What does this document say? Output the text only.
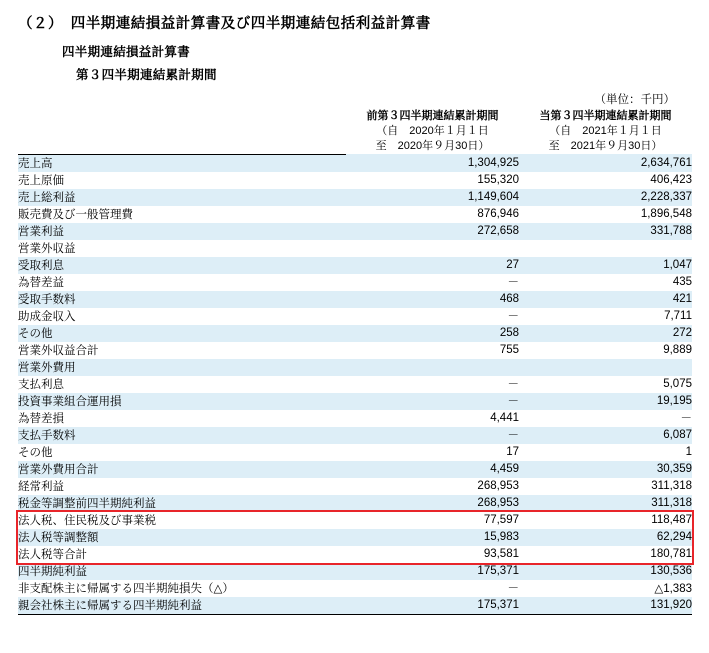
（２）　四半期連結損益計算書及び四半期連結包括利益計算書
四半期連結損益計算書
第３四半期連結累計期間
（単位：千円）

	前第３四半期連結累計期間
（自　2020年１月１日
至　2020年９月30日）	当第３四半期連結累計期間
（自　2021年１月１日
至　2021年９月30日）

売上高	1,304,925	2,634,761
売上原価	155,320	406,423
売上総利益	1,149,604	2,228,337
販売費及び一般管理費	876,946	1,896,548
営業利益	272,658	331,788
営業外収益		
受取利息	27	1,047
為替差益	－	435
受取手数料	468	421
助成金収入	－	7,711
その他	258	272
営業外収益合計	755	9,889
営業外費用		
支払利息	－	5,075
投資事業組合運用損	－	19,195
為替差損	4,441	－
支払手数料	－	6,087
その他	17	1
営業外費用合計	4,459	30,359
経常利益	268,953	311,318
税金等調整前四半期純利益	268,953	311,318
法人税、住民税及び事業税	77,597	118,487
法人税等調整額	15,983	62,294
法人税等合計	93,581	180,781
四半期純利益	175,371	130,536
非支配株主に帰属する四半期純損失（△）	－	△1,383
親会社株主に帰属する四半期純利益	175,371	131,920
